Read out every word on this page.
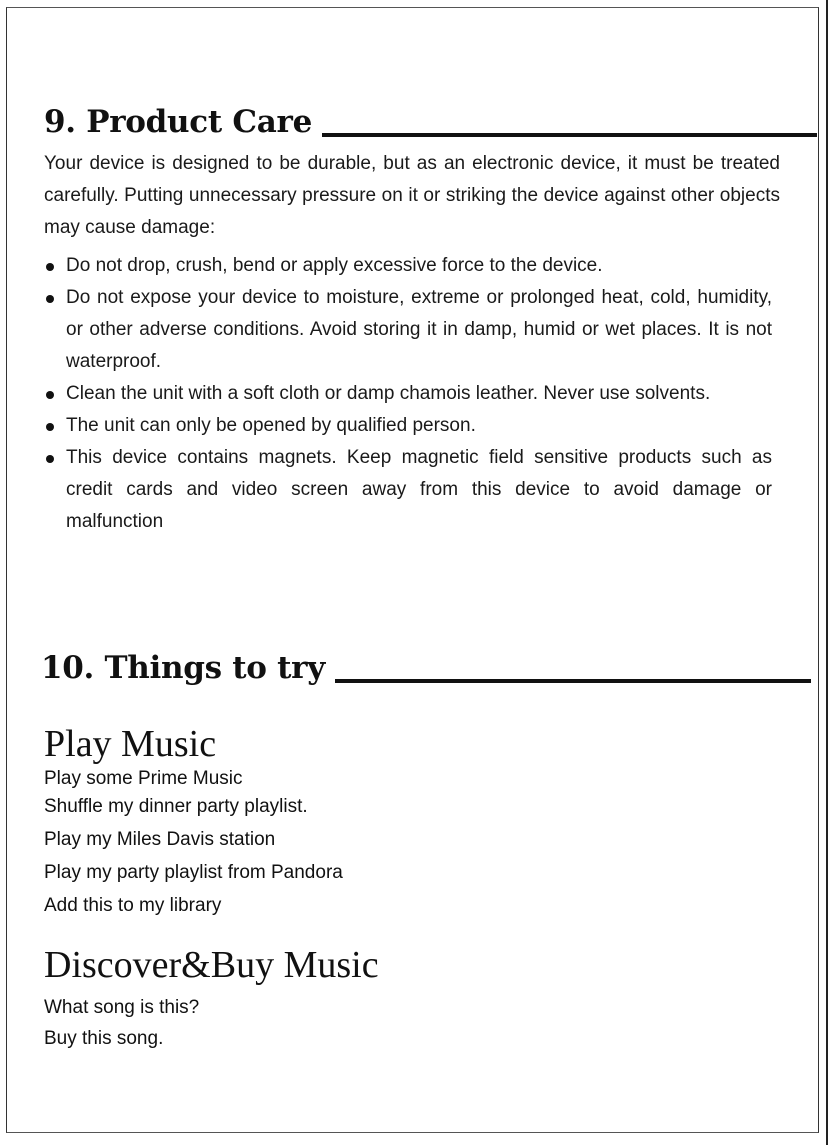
9. Product Care
Your device is designed to be durable, but as an electronic device, it must be treated carefully. Putting unnecessary pressure on it or striking the device against other objects may cause damage:
Do not drop, crush, bend or apply excessive force to the device.
Do not expose your device to moisture, extreme or prolonged heat, cold, humidity, or other adverse conditions. Avoid storing it in damp, humid or wet places. It is not waterproof.
Clean the unit with a soft cloth or damp chamois leather. Never use solvents.
The unit can only be opened by qualified person.
This device contains magnets. Keep magnetic field sensitive products such as credit cards and video screen away from this device to avoid damage or malfunction
10. Things to try
Play Music
Play some Prime Music
Shuffle my dinner party playlist.
Play my Miles Davis station
Play my party playlist from Pandora
Add this to my library
Discover&Buy Music
What song is this?
Buy this song.
